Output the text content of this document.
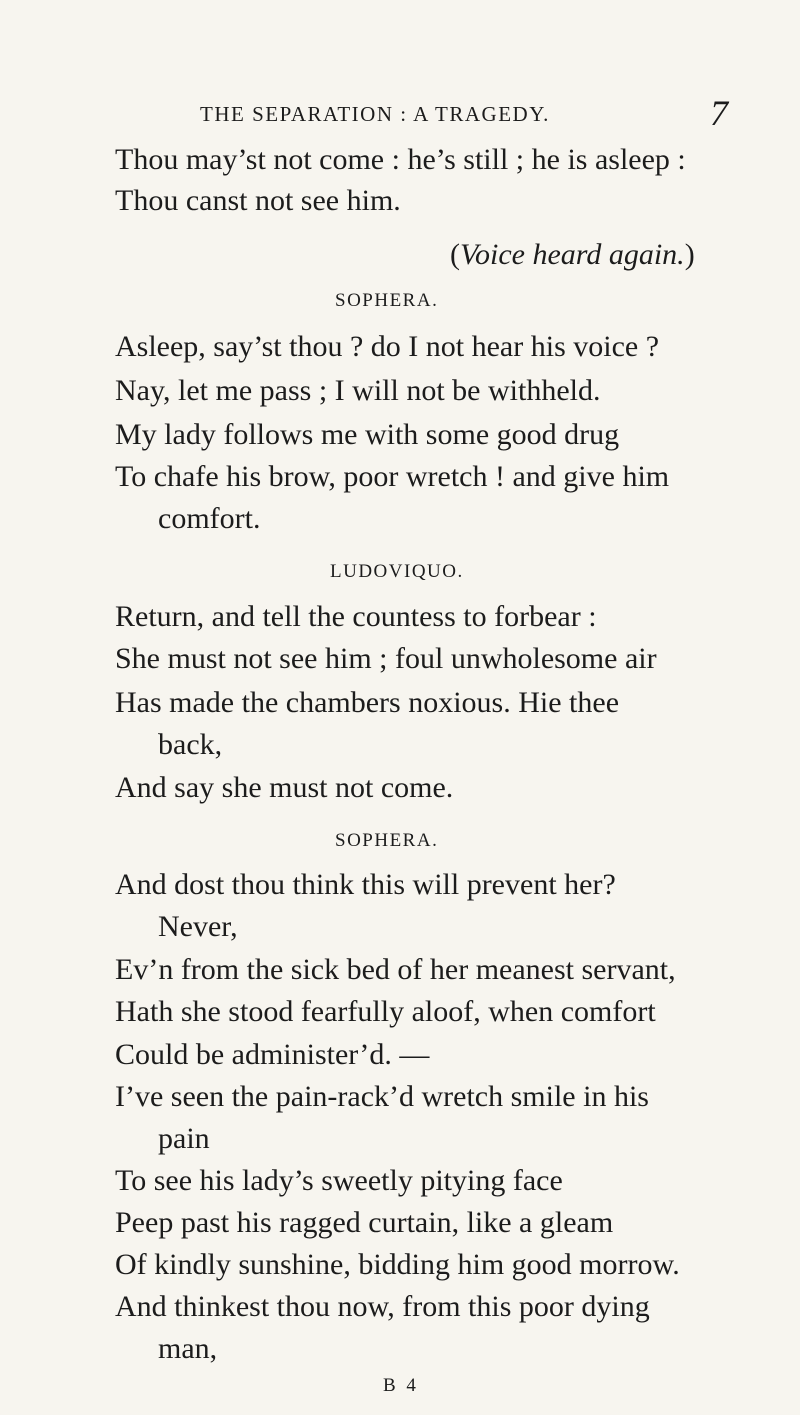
THE SEPARATION : A TRAGEDY.	7
Thou may’st not come : he’s still ; he is asleep :
Thou canst not see him.
(Voice heard again.)
SOPHERA.
Asleep, say’st thou ? do I not hear his voice ?
Nay, let me pass ; I will not be withheld.
My lady follows me with some good drug
To chafe his brow, poor wretch ! and give him
comfort.
LUDOVIQUO.
Return, and tell the countess to forbear :
She must not see him ; foul unwholesome air
Has made the chambers noxious. Hie thee
back,
And say she must not come.
SOPHERA.
And dost thou think this will prevent her?
Never,
Ev’n from the sick bed of her meanest servant,
Hath she stood fearfully aloof, when comfort
Could be administer’d. —
I’ve seen the pain-rack’d wretch smile in his
pain
To see his lady’s sweetly pitying face
Peep past his ragged curtain, like a gleam
Of kindly sunshine, bidding him good morrow.
And thinkest thou now, from this poor dying
man,
B 4
